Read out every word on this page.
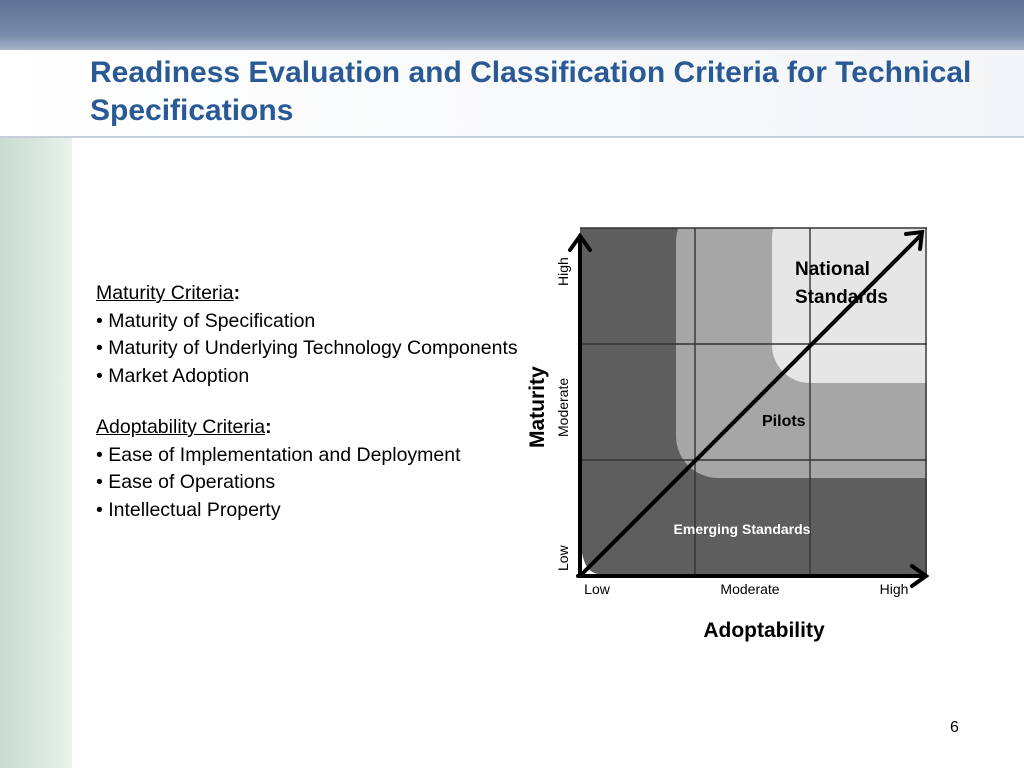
Readiness Evaluation and Classification Criteria for Technical Specifications
Maturity Criteria:
• Maturity of Specification
• Maturity of Underlying Technology Components
• Market Adoption
Adoptability Criteria:
• Ease of Implementation and Deployment
• Ease of Operations
• Intellectual Property
National
Standards
Pilots
Emerging Standards
Low
Moderate
High
Maturity
Low	Moderate	High
Adoptability
6
